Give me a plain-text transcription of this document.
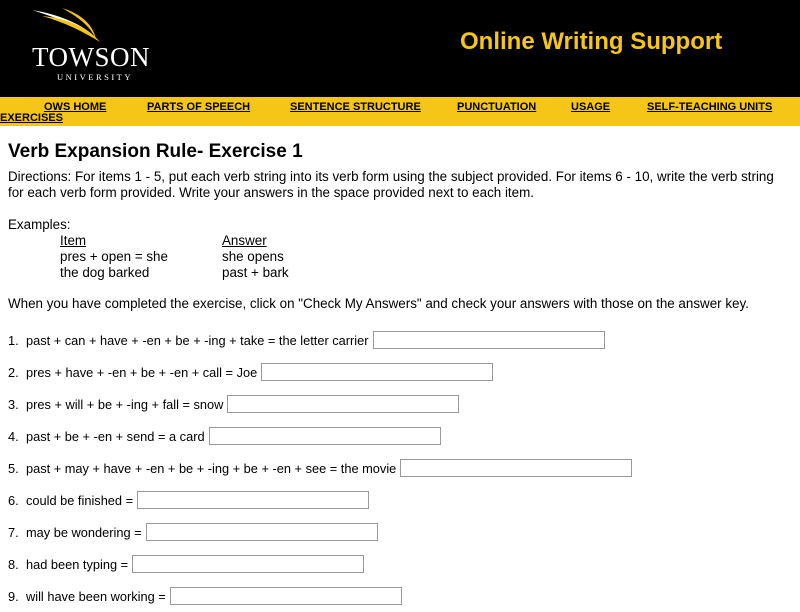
TOWSON
UNIVERSITY
Online Writing Support
OWS HOME	PARTS OF SPEECH	SENTENCE STRUCTURE	PUNCTUATION	USAGE	SELF-TEACHING UNITS
EXERCISES
Verb Expansion Rule- Exercise 1

Directions: For items 1 - 5, put each verb string into its verb form using the subject provided. For items 6 - 10, write the verb string for each verb form provided. Write your answers in the space provided next to each item.

Examples:

Item	Answer
pres + open = she	she opens
the dog barked	past + bark

When you have completed the exercise, click on "Check My Answers" and check your answers with those on the answer key.

1. past + can + have + -en + be + -ing + take = the letter carrier
2. pres + have + -en + be + -en + call = Joe
3. pres + will + be + -ing + fall = snow
4. past + be + -en + send = a card
5. past + may + have + -en + be + -ing + be + -en + see = the movie
6. could be finished =
7. may be wondering =
8. had been typing =
9. will have been working =
